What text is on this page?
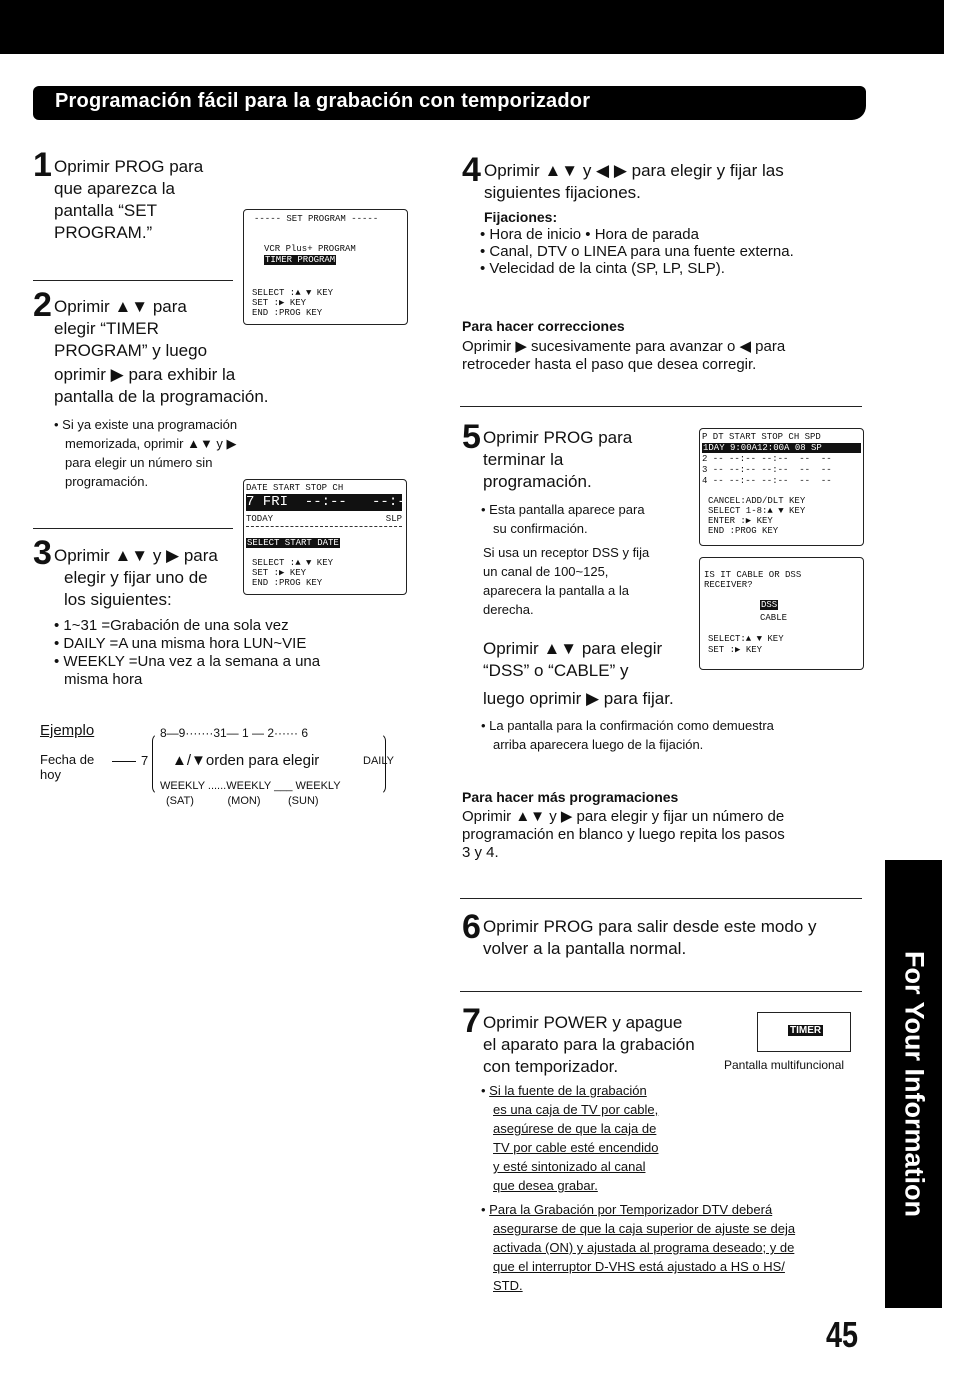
Programación fácil para la grabación con temporizador
For Your Information
1 Oprimir PROG para
que aparezca la
pantalla “SET
PROGRAM.”
----- SET PROGRAM -----
VCR Plus+ PROGRAM
TIMER PROGRAM
SELECT :▲ ▼ KEY
SET :▶ KEY
END :PROG KEY
2 Oprimir ▲▼ para
elegir “TIMER
PROGRAM” y luego
oprimir ▶ para exhibir la
pantalla de la programación.
• Si ya existe una programación
memorizada, oprimir ▲▼ y ▶
para elegir un número sin
programación.	DATE START STOP CH
7 FRI  --:--   --:--  --
TODAY	SLP
SELECT START DATE
SELECT :▲ ▼ KEY
SET :▶ KEY
END :PROG KEY
3 Oprimir ▲▼ y ▶ para
elegir y fijar uno de
los siguientes:
• 1~31 =Grabación de una sola vez
• DAILY =A una misma hora LUN~VIE
• WEEKLY =Una vez a la semana a una
misma hora
Ejemplo	8—9·······31— 1 — 2······ 6
Fecha de
hoy
7 ▲/▼orden para elegir	DAILY
WEEKLY ......WEEKLY ___ WEEKLY
(SAT)           (MON)         (SUN)
4 Oprimir ▲▼ y ◀ ▶ para elegir y fijar las
siguientes fijaciones.
Fijaciones:
• Hora de inicio • Hora de parada
• Canal, DTV o LINEA para una fuente externa.
• Velecidad de la cinta (SP, LP, SLP).
Para hacer correcciones
Oprimir ▶ sucesivamente para avanzar o ◀ para
retroceder hasta el paso que desea corregir.
5 Oprimir PROG para
terminar la
programación.
• Esta pantalla aparece para
su confirmación.
Si usa un receptor DSS y fija
un canal de 100~125,
aparecera la pantalla a la
derecha.
Oprimir ▲▼ para elegir
“DSS” o “CABLE” y
luego oprimir ▶ para fijar.
• La pantalla para la confirmación como demuestra
arriba aparecera luego de la fijación.
Para hacer más programaciones
Oprimir ▲▼ y ▶ para elegir y fijar un número de
programación en blanco y luego repita los pasos
3 y 4.
P DT START STOP CH SPD
1DAY 9:00A12:00A 08 SP
2 -- --:-- --:--  --  --
3 -- --:-- --:--  --  --
4 -- --:-- --:--  --  --
CANCEL:ADD/DLT KEY
SELECT 1-8:▲ ▼ KEY
ENTER :▶ KEY
END :PROG KEY
IS IT CABLE OR DSS
RECEIVER?
DSS
CABLE
SELECT:▲ ▼ KEY
SET :▶ KEY
6 Oprimir PROG para salir desde este modo y
volver a la pantalla normal.
7 Oprimir POWER y apague
el aparato para la grabación
con temporizador.
TIMER
Pantalla multifuncional
• Si la fuente de la grabación
es una caja de TV por cable,
asegúrese de que la caja de
TV por cable esté encendido
y esté sintonizado al canal
que desea grabar.
• Para la Grabación por Temporizador DTV deberá
asegurarse de que la caja superior de ajuste se deja
activada (ON) y ajustada al programa deseado; y de
que el interruptor D-VHS está ajustado a HS o HS/
STD.
45
